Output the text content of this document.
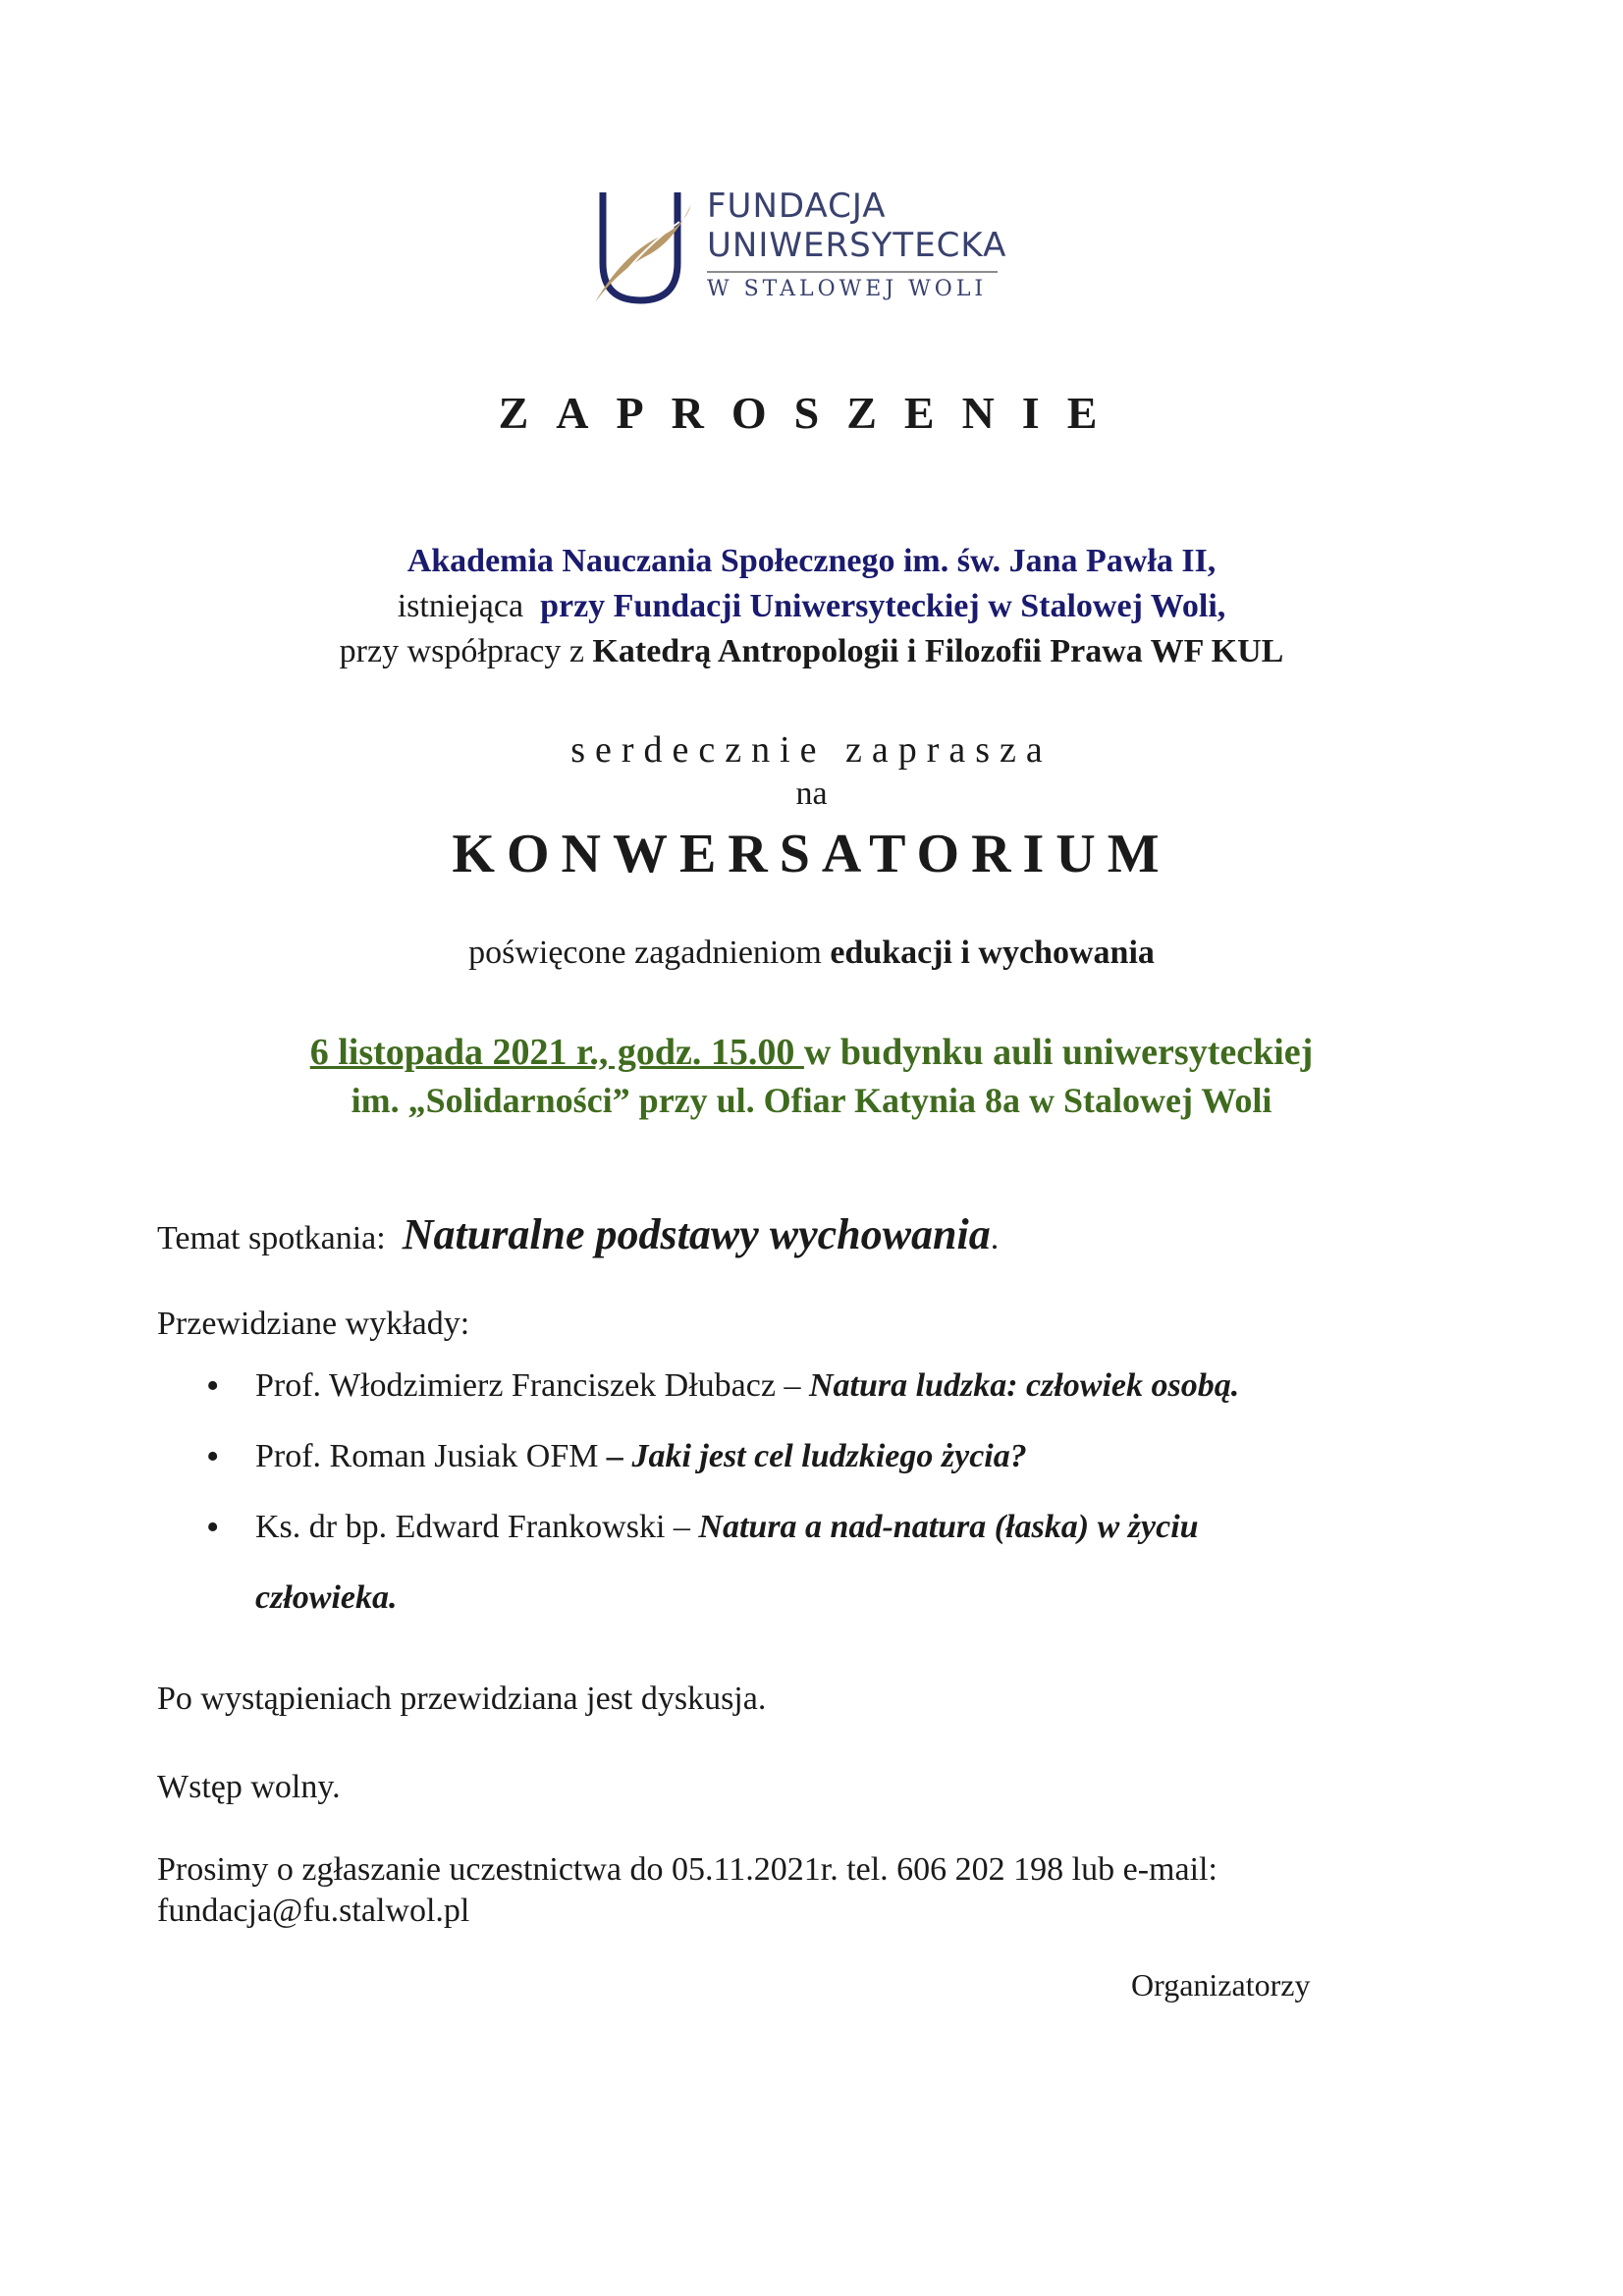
FUNDACJA
UNIWERSYTECKA
W STALOWEJ WOLI
ZAPROSZENIE
Akademia Nauczania Społecznego im. św. Jana Pawła II,
istniejąca przy Fundacji Uniwersyteckiej w Stalowej Woli,
przy współpracy z Katedrą Antropologii i Filozofii Prawa WF KUL
serdecznie zaprasza
na
KONWERSATORIUM
poświęcone zagadnieniom edukacji i wychowania
6 listopada 2021 r., godz. 15.00 w budynku auli uniwersyteckiej
im. „Solidarności” przy ul. Ofiar Katynia 8a w Stalowej Woli
Temat spotkania: Naturalne podstawy wychowania.
Przewidziane wykłady:
• Prof. Włodzimierz Franciszek Dłubacz – Natura ludzka: człowiek osobą.
• Prof. Roman Jusiak OFM – Jaki jest cel ludzkiego życia?
• Ks. dr bp. Edward Frankowski – Natura a nad-natura (łaska) w życiu
człowieka.
Po wystąpieniach przewidziana jest dyskusja.
Wstęp wolny.
Prosimy o zgłaszanie uczestnictwa do 05.11.2021r. tel. 606 202 198 lub e-mail:
fundacja@fu.stalwol.pl
Organizatorzy
